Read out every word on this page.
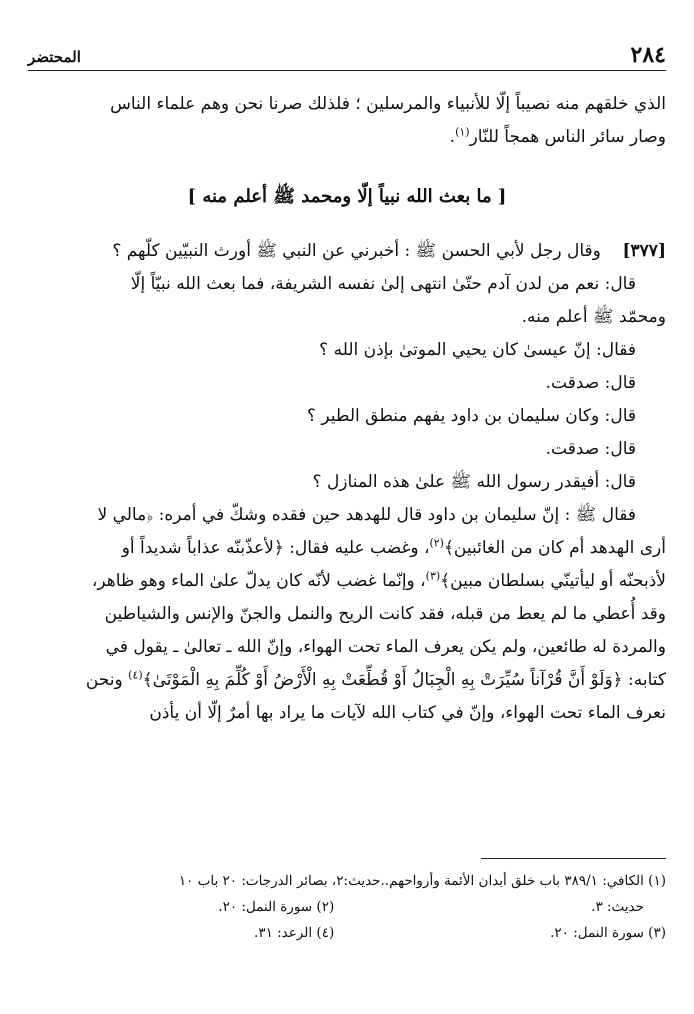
٢٨٤
المحتضر

الذي خلقهم منه نصيباً إلّا للأنبياء والمرسلين ؛ فلذلك صرنا نحن وهم علماء الناس

وصار سائر الناس همجاً للنّار$^{(١)}$.

[ ما بعث الله نبياً إلّا ومحمد ﷺ أعلم منه ]

[٣٧٧]    وقال رجل لأبي الحسن ﷺ : أخبرني عن النبي ﷺ أورث النبيّين كلّهم ؟

قال: نعم من لدن آدم حتّىٰ انتهى إلىٰ نفسه الشريفة، فما بعث الله نبيّاً إلّا

ومحمّد ﷺ أعلم منه.

فقال: إنّ عيسىٰ كان يحيي الموتىٰ بإذن الله ؟

قال: صدقت.

قال: وكان سليمان بن داود يفهم منطق الطير ؟

قال: صدقت.

قال: أفيقدر رسول الله ﷺ علىٰ هذه المنازل ؟

فقال ﷺ : إنّ سليمان بن داود قال للهدهد حين فقده وشكّ في أمره: ﴿مالي لا

أرى الهدهد أم كان من الغائبين﴾$^{(٢)}$، وغضب عليه فقال: ﴿لأعذّبنّه عذاباً شديداً أو

لأذبحنّه أو ليأتينّي بسلطان مبين﴾$^{(٣)}$، وإنّما غضب لأنّه كان يدلّ علىٰ الماء وهو ظاهر،

وقد أُعطي ما لم يعط من قبله، فقد كانت الريح والنمل والجنّ والإنس والشياطين

والمردة له طائعين، ولم يكن يعرف الماء تحت الهواء، وإنّ الله ـ تعالىٰ ـ يقول في

كتابه: ﴿وَلَوْ أَنَّ قُرْآناً سُيِّرَتْ بِهِ الْجِبَالُ أَوْ قُطِّعَتْ بِهِ الْأَرْضُ أَوْ كُلِّمَ بِهِ الْمَوْتَىٰ﴾$^{(٤)}$ ونحن

نعرف الماء تحت الهواء، وإنّ في كتاب الله لآيات ما يراد بها أمرٌ إلّا أن يأذن

(١) الكافي: ٣٨٩/١ باب خلق أبدان الأئمة وأرواحهم..حديث:٢، بصائر الدرجات: ٢٠ باب ١٠
حديث: ٣.
(٢) سورة النمل: ٢٠.
(٣) سورة النمل: ٢٠.
(٤) الرعد: ٣١.
